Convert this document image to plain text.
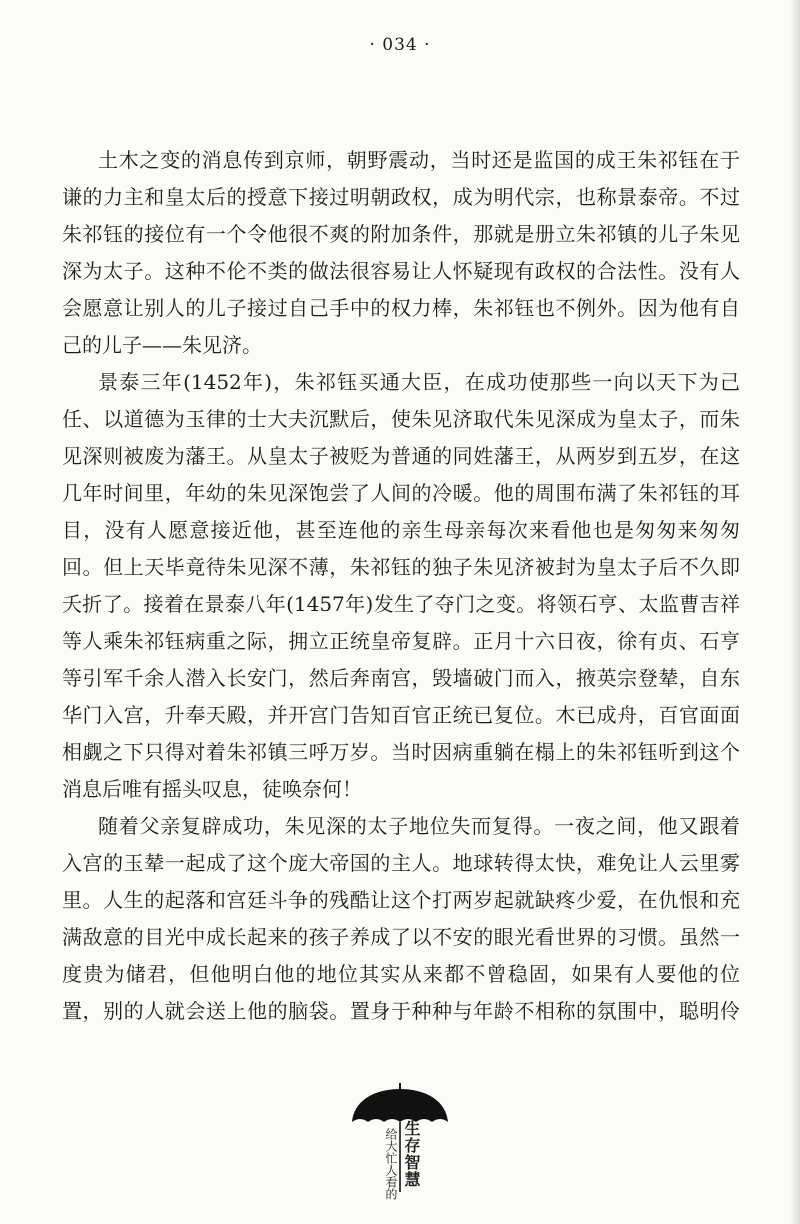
· 034 ·
土木之变的消息传到京师，朝野震动，当时还是监国的成王朱祁钰在于
谦的力主和皇太后的授意下接过明朝政权，成为明代宗，也称景泰帝。不过
朱祁钰的接位有一个令他很不爽的附加条件，那就是册立朱祁镇的儿子朱见
深为太子。这种不伦不类的做法很容易让人怀疑现有政权的合法性。没有人
会愿意让别人的儿子接过自己手中的权力棒，朱祁钰也不例外。因为他有自
己的儿子——朱见济。
景泰三年(1452年)，朱祁钰买通大臣，在成功使那些一向以天下为己
任、以道德为玉律的士大夫沉默后，使朱见济取代朱见深成为皇太子，而朱
见深则被废为藩王。从皇太子被贬为普通的同姓藩王，从两岁到五岁，在这
几年时间里，年幼的朱见深饱尝了人间的冷暖。他的周围布满了朱祁钰的耳
目，没有人愿意接近他，甚至连他的亲生母亲每次来看他也是匆匆来匆匆
回。但上天毕竟待朱见深不薄，朱祁钰的独子朱见济被封为皇太子后不久即
夭折了。接着在景泰八年(1457年)发生了夺门之变。将领石亨、太监曹吉祥
等人乘朱祁钰病重之际，拥立正统皇帝复辟。正月十六日夜，徐有贞、石亨
等引军千余人潜入长安门，然后奔南宫，毁墙破门而入，掖英宗登辇，自东
华门入宫，升奉天殿，并开宫门告知百官正统已复位。木已成舟，百官面面
相觑之下只得对着朱祁镇三呼万岁。当时因病重躺在榻上的朱祁钰听到这个
消息后唯有摇头叹息，徒唤奈何！
随着父亲复辟成功，朱见深的太子地位失而复得。一夜之间，他又跟着
入宫的玉辇一起成了这个庞大帝国的主人。地球转得太快，难免让人云里雾
里。人生的起落和宫廷斗争的残酷让这个打两岁起就缺疼少爱，在仇恨和充
满敌意的目光中成长起来的孩子养成了以不安的眼光看世界的习惯。虽然一
度贵为储君，但他明白他的地位其实从来都不曾稳固，如果有人要他的位
置，别的人就会送上他的脑袋。置身于种种与年龄不相称的氛围中，聪明伶
给大忙人看的 生存智慧
